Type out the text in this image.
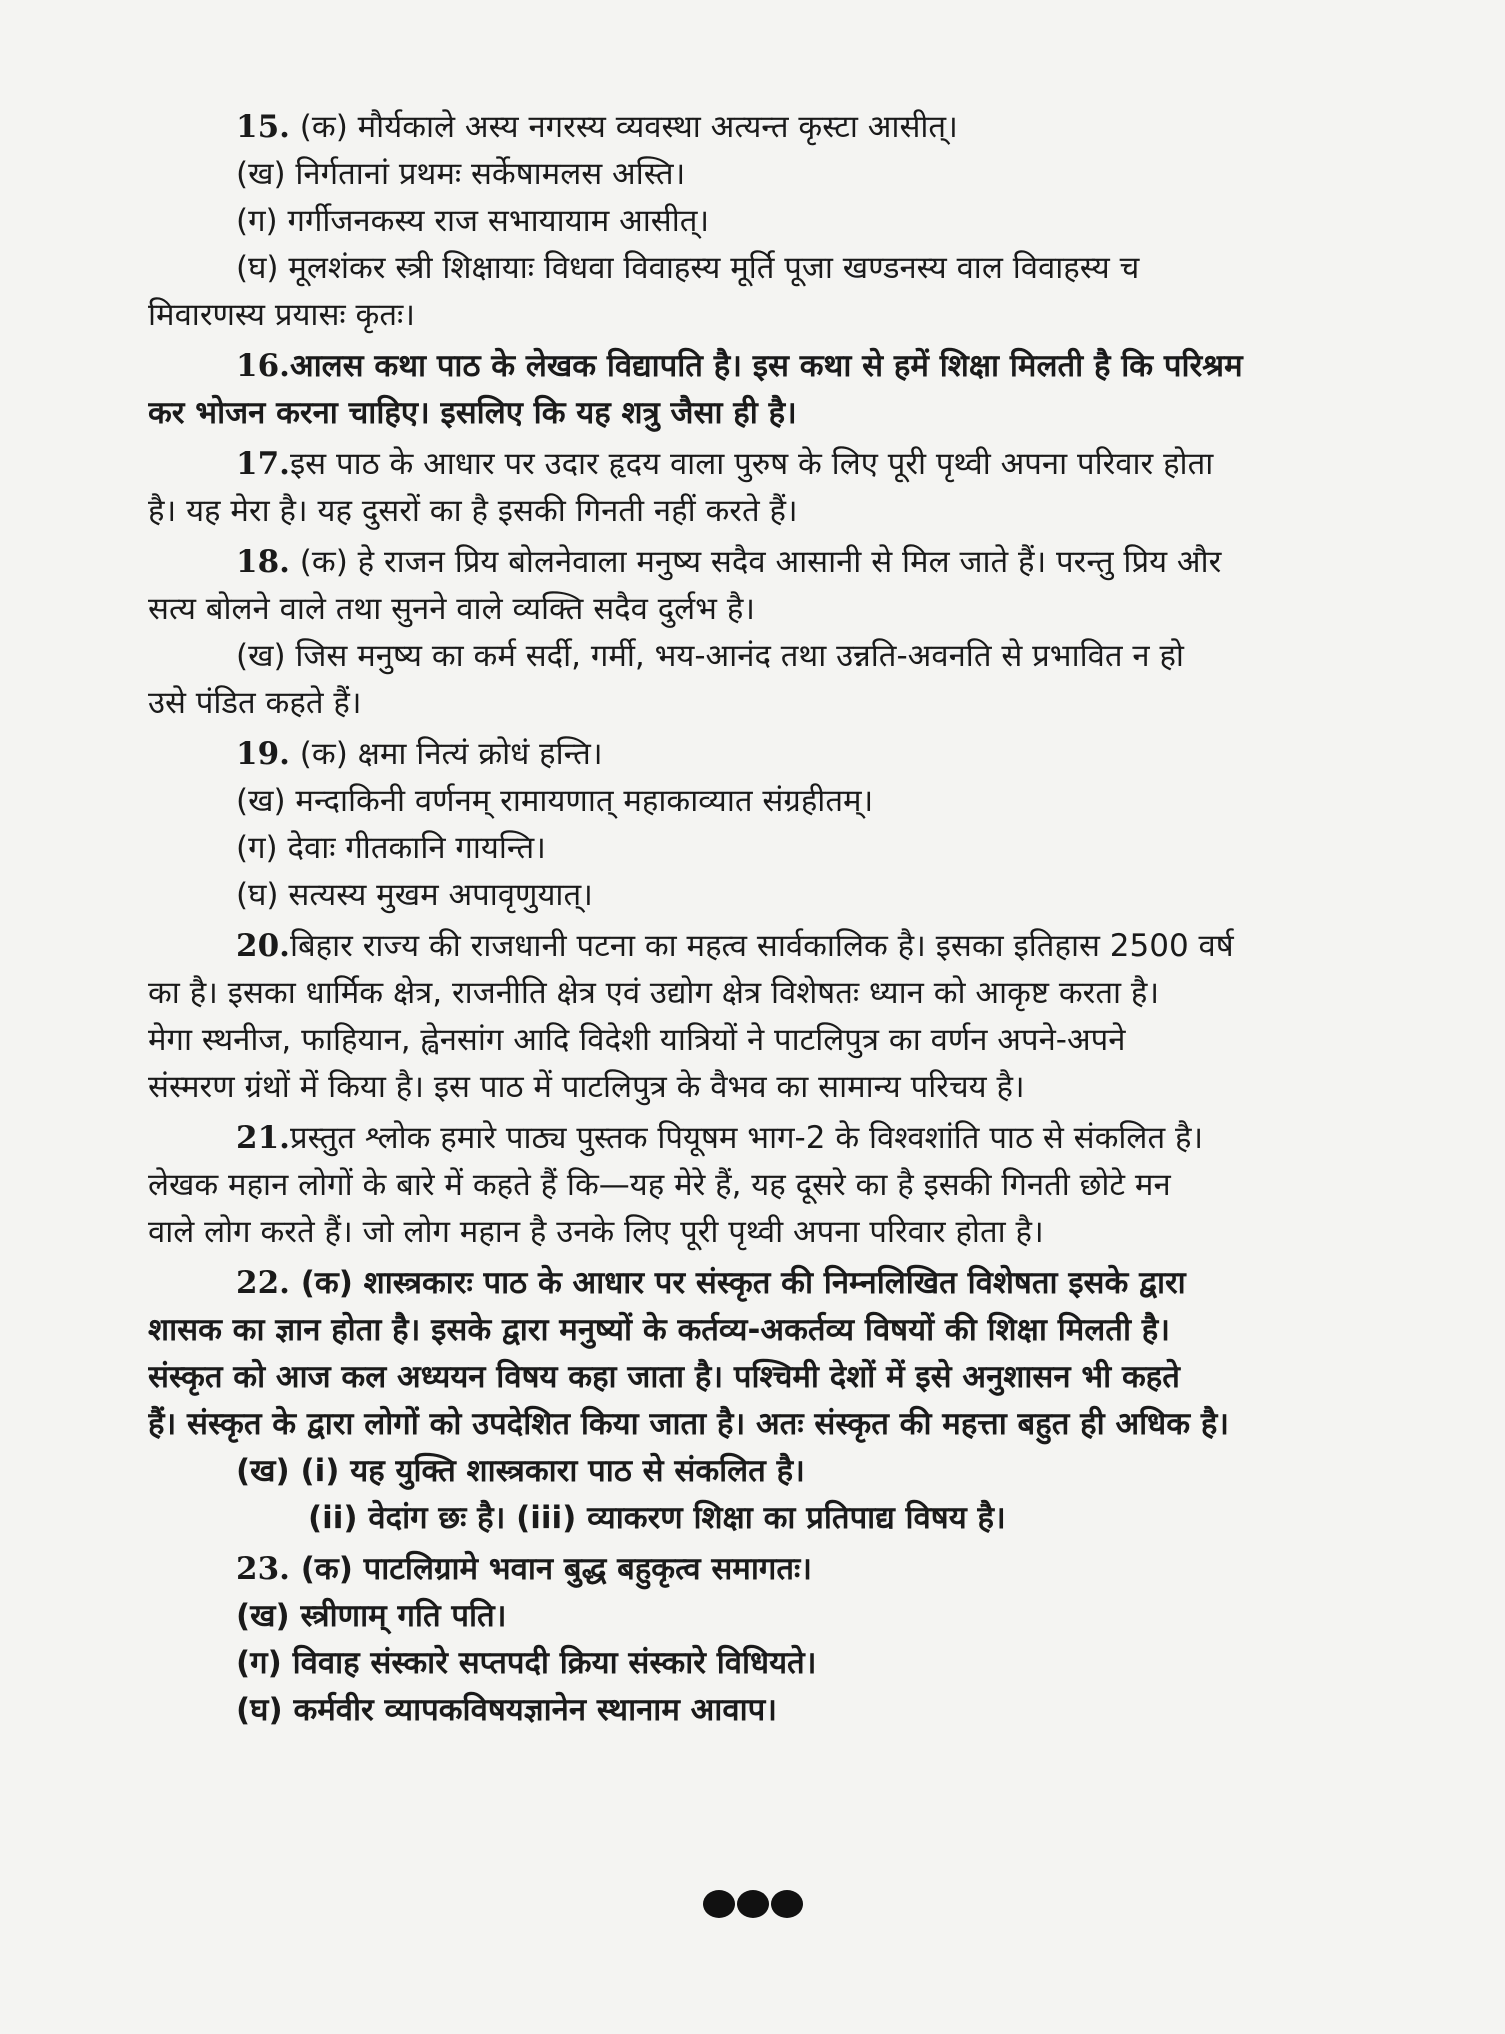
15. (क) मौर्यकाले अस्य नगरस्य व्यवस्था अत्यन्त कृस्टा आसीत्।
(ख) निर्गतानां प्रथमः सर्केषामलस अस्ति।
(ग) गर्गीजनकस्य राज सभायायाम आसीत्।
(घ) मूलशंकर स्त्री शिक्षायाः विधवा विवाहस्य मूर्ति पूजा खण्डनस्य वाल विवाहस्य च
मिवारणस्य प्रयासः कृतः।
16.आलस कथा पाठ के लेखक विद्यापति है। इस कथा से हमें शिक्षा मिलती है कि परिश्रम
कर भोजन करना चाहिए। इसलिए कि यह शत्रु जैसा ही है।
17.इस पाठ के आधार पर उदार हृदय वाला पुरुष के लिए पूरी पृथ्वी अपना परिवार होता
है। यह मेरा है। यह दुसरों का है इसकी गिनती नहीं करते हैं।
18. (क) हे राजन प्रिय बोलनेवाला मनुष्य सदैव आसानी से मिल जाते हैं। परन्तु प्रिय और
सत्य बोलने वाले तथा सुनने वाले व्यक्ति सदैव दुर्लभ है।
(ख) जिस मनुष्य का कर्म सर्दी, गर्मी, भय-आनंद तथा उन्नति-अवनति से प्रभावित न हो
उसे पंडित कहते हैं।
19. (क) क्षमा नित्यं क्रोधं हन्ति।
(ख) मन्दाकिनी वर्णनम् रामायणात् महाकाव्यात संग्रहीतम्।
(ग) देवाः गीतकानि गायन्ति।
(घ) सत्यस्य मुखम अपावृणुयात्।
20.बिहार राज्य की राजधानी पटना का महत्व सार्वकालिक है। इसका इतिहास 2500 वर्ष
का है। इसका धार्मिक क्षेत्र, राजनीति क्षेत्र एवं उद्योग क्षेत्र विशेषतः ध्यान को आकृष्ट करता है।
मेगा स्थनीज, फाहियान, ह्वेनसांग आदि विदेशी यात्रियों ने पाटलिपुत्र का वर्णन अपने-अपने
संस्मरण ग्रंथों में किया है। इस पाठ में पाटलिपुत्र के वैभव का सामान्य परिचय है।
21.प्रस्तुत श्लोक हमारे पाठ्य पुस्तक पियूषम भाग-2 के विश्वशांति पाठ से संकलित है।
लेखक महान लोगों के बारे में कहते हैं कि—यह मेरे हैं, यह दूसरे का है इसकी गिनती छोटे मन
वाले लोग करते हैं। जो लोग महान है उनके लिए पूरी पृथ्वी अपना परिवार होता है।
22. (क) शास्त्रकारः पाठ के आधार पर संस्कृत की निम्नलिखित विशेषता इसके द्वारा
शासक का ज्ञान होता है। इसके द्वारा मनुष्यों के कर्तव्य-अकर्तव्य विषयों की शिक्षा मिलती है।
संस्कृत को आज कल अध्ययन विषय कहा जाता है। पश्चिमी देशों में इसे अनुशासन भी कहते
हैं। संस्कृत के द्वारा लोगों को उपदेशित किया जाता है। अतः संस्कृत की महत्ता बहुत ही अधिक है।
(ख) (i) यह युक्ति शास्त्रकारा पाठ से संकलित है।
(ii) वेदांग छः है। (iii) व्याकरण शिक्षा का प्रतिपाद्य विषय है।
23. (क) पाटलिग्रामे भवान बुद्ध बहुकृत्व समागतः।
(ख) स्त्रीणाम् गति पति।
(ग) विवाह संस्कारे सप्तपदी क्रिया संस्कारे विधियते।
(घ) कर्मवीर व्यापकविषयज्ञानेन स्थानाम आवाप।
